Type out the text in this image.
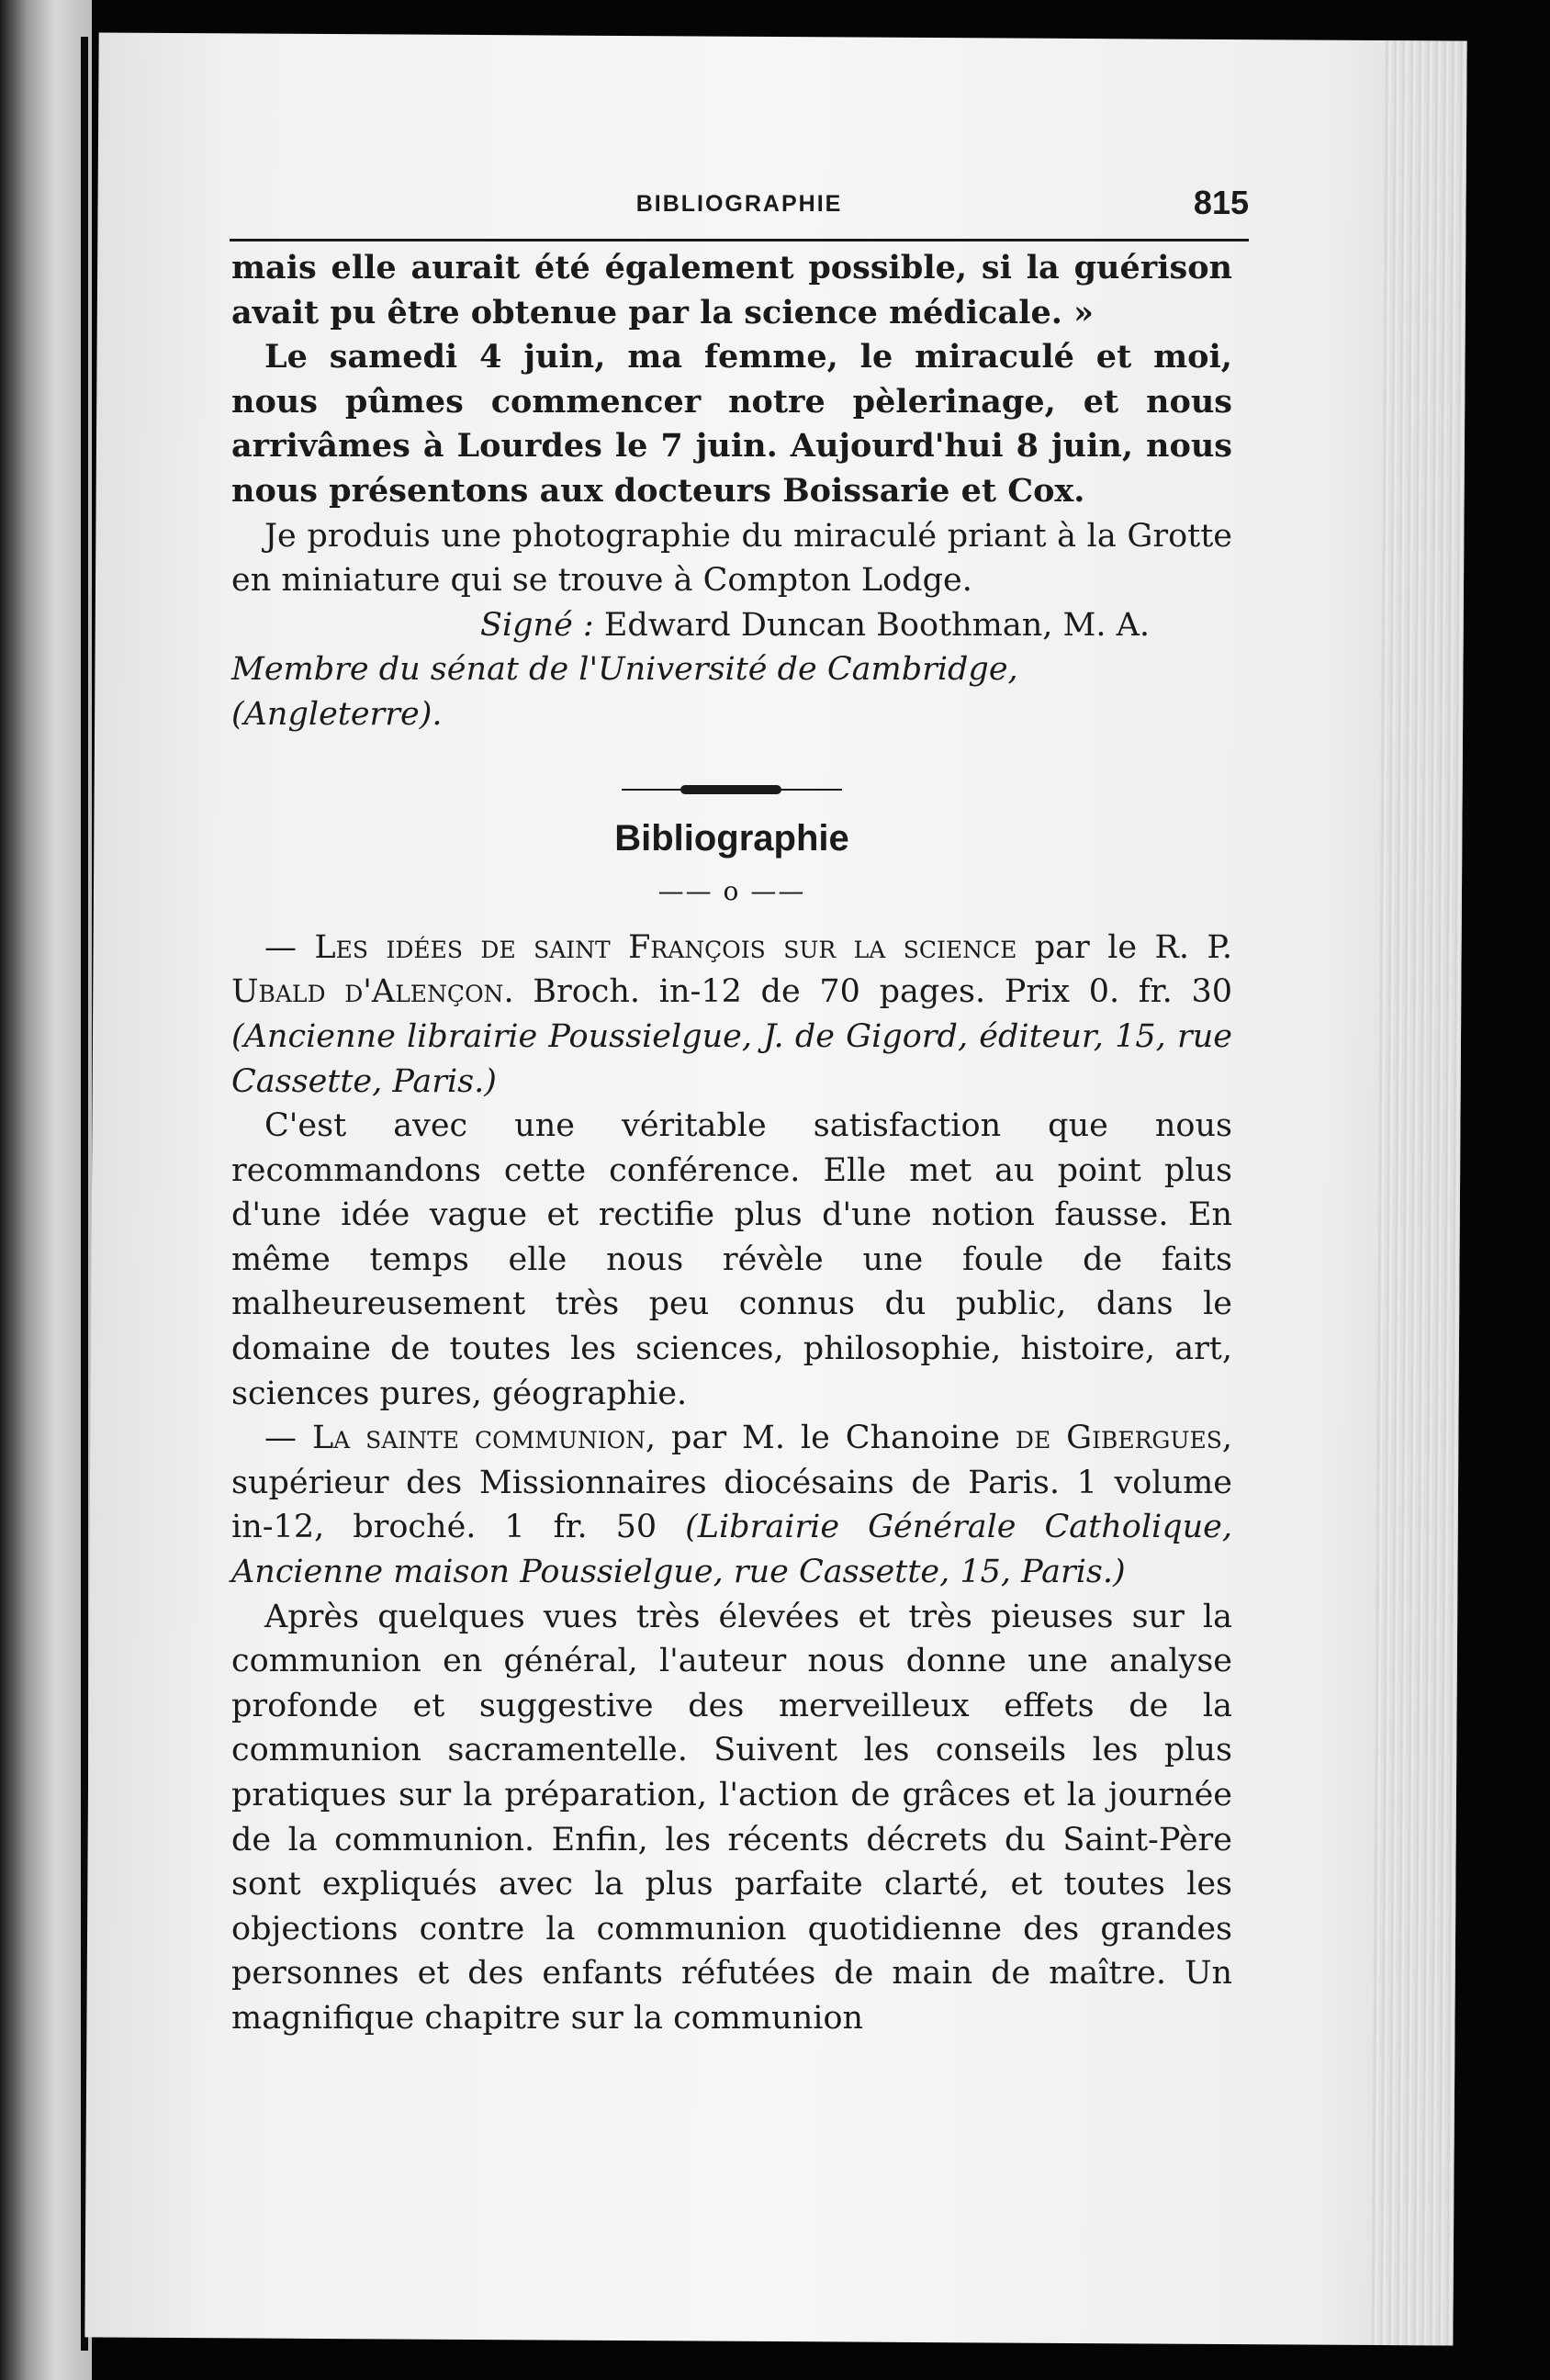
BIBLIOGRAPHIE	815

mais elle aurait été également possible, si la guérison avait pu être obtenue par la science médicale. »

Le samedi 4 juin, ma femme, le miraculé et moi, nous pûmes commencer notre pèlerinage, et nous arrivâmes à Lourdes le 7 juin. Aujourd'hui 8 juin, nous nous présentons aux docteurs Boissarie et Cox.

Je produis une photographie du miraculé priant à la Grotte en miniature qui se trouve à Compton Lodge.

Signé : Edward Duncan Boothman, M. A.

Membre du sénat de l'Université de Cambridge, (Angleterre).

Bibliographie
—— o ——

— Les idées de saint François sur la science par le R. P. Ubald d'Alençon. Broch. in-12 de 70 pages. Prix 0. fr. 30 (Ancienne librairie Poussielgue, J. de Gigord, éditeur, 15, rue Cassette, Paris.)

C'est avec une véritable satisfaction que nous recommandons cette conférence. Elle met au point plus d'une idée vague et rectifie plus d'une notion fausse. En même temps elle nous révèle une foule de faits malheureusement très peu connus du public, dans le domaine de toutes les sciences, philosophie, histoire, art, sciences pures, géographie.

— La sainte communion, par M. le Chanoine de Gibergues, supérieur des Missionnaires diocésains de Paris. 1 volume in-12, broché. 1 fr. 50 (Librairie Générale Catholique, Ancienne maison Poussielgue, rue Cassette, 15, Paris.)

Après quelques vues très élevées et très pieuses sur la communion en général, l'auteur nous donne une analyse profonde et suggestive des merveilleux effets de la communion sacramentelle. Suivent les conseils les plus pratiques sur la préparation, l'action de grâces et la journée de la communion. Enfin, les récents décrets du Saint-Père sont expliqués avec la plus parfaite clarté, et toutes les objections contre la communion quotidienne des grandes personnes et des enfants réfutées de main de maître. Un magnifique chapitre sur la communion
